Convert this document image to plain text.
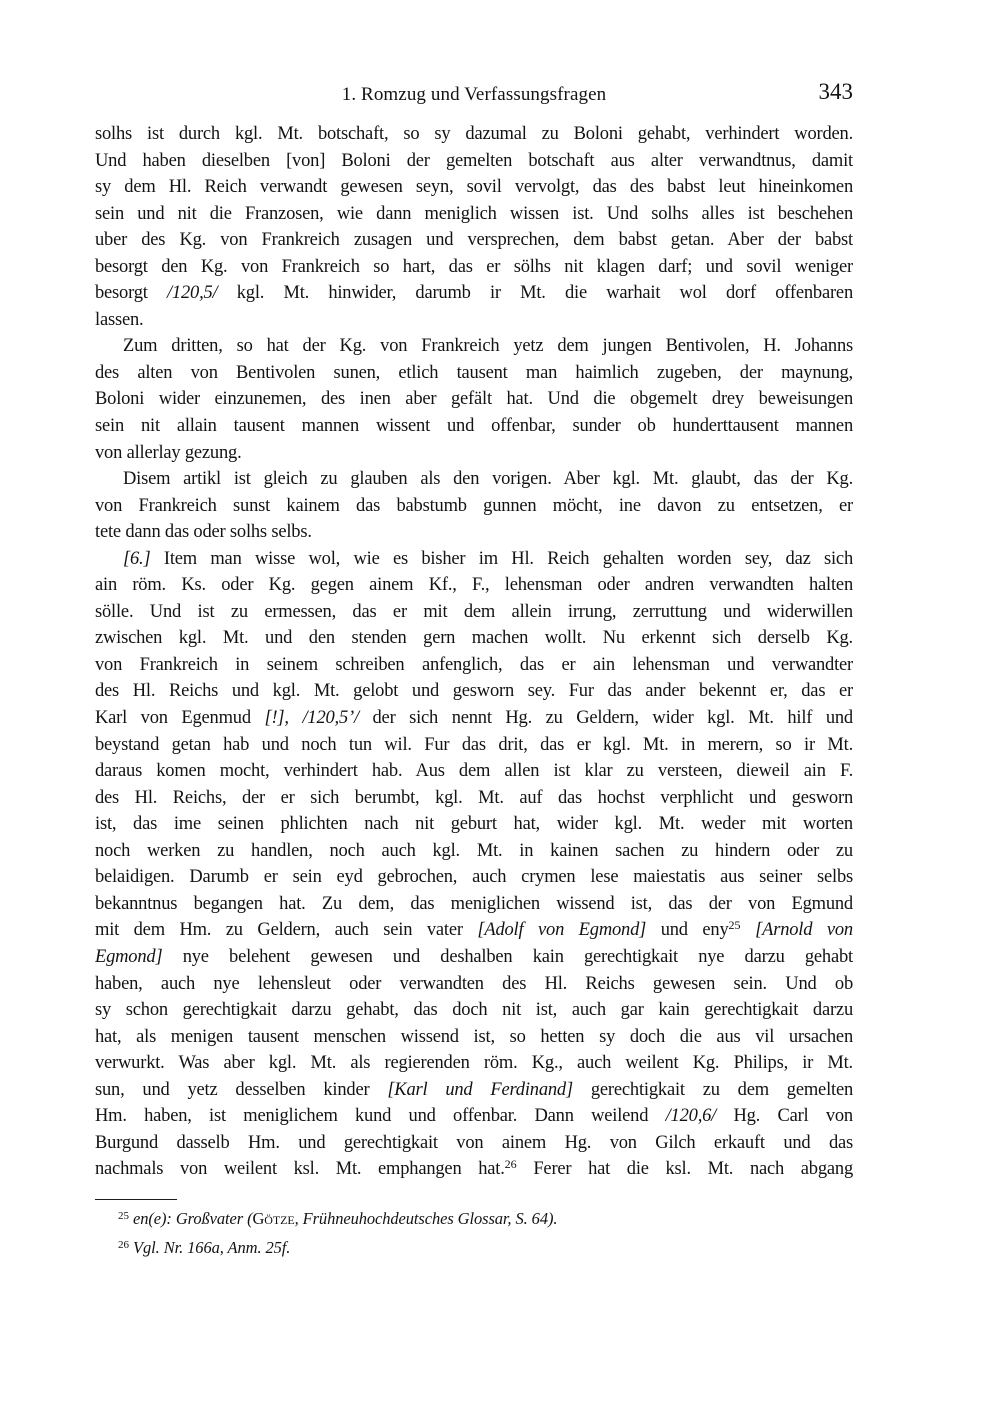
1. Romzug und Verfassungsfragen	343
solhs ist durch kgl. Mt. botschaft, so sy dazumal zu Boloni gehabt, verhindert worden.
Und haben dieselben [von] Boloni der gemelten botschaft aus alter verwandtnus, damit
sy dem Hl. Reich verwandt gewesen seyn, sovil vervolgt, das des babst leut hineinkomen
sein und nit die Franzosen, wie dann meniglich wissen ist. Und solhs alles ist beschehen
uber des Kg. von Frankreich zusagen und versprechen, dem babst getan. Aber der babst
besorgt den Kg. von Frankreich so hart, das er sölhs nit klagen darf; und sovil weniger
besorgt /120,5/ kgl. Mt. hinwider, darumb ir Mt. die warhait wol dorf offenbaren
lassen.
Zum dritten, so hat der Kg. von Frankreich yetz dem jungen Bentivolen, H. Johanns
des alten von Bentivolen sunen, etlich tausent man haimlich zugeben, der maynung,
Boloni wider einzunemen, des inen aber gefält hat. Und die obgemelt drey beweisungen
sein nit allain tausent mannen wissent und offenbar, sunder ob hunderttausent mannen
von allerlay gezung.
Disem artikl ist gleich zu glauben als den vorigen. Aber kgl. Mt. glaubt, das der Kg.
von Frankreich sunst kainem das babstumb gunnen möcht, ine davon zu entsetzen, er
tete dann das oder solhs selbs.
[6.] Item man wisse wol, wie es bisher im Hl. Reich gehalten worden sey, daz sich
ain röm. Ks. oder Kg. gegen ainem Kf., F., lehensman oder andren verwandten halten
sölle. Und ist zu ermessen, das er mit dem allein irrung, zerruttung und widerwillen
zwischen kgl. Mt. und den stenden gern machen wollt. Nu erkennt sich derselb Kg.
von Frankreich in seinem schreiben anfenglich, das er ain lehensman und verwandter
des Hl. Reichs und kgl. Mt. gelobt und gesworn sey. Fur das ander bekennt er, das er
Karl von Egenmud [!], /120,5’/ der sich nennt Hg. zu Geldern, wider kgl. Mt. hilf und
beystand getan hab und noch tun wil. Fur das drit, das er kgl. Mt. in merern, so ir Mt.
daraus komen mocht, verhindert hab. Aus dem allen ist klar zu versteen, dieweil ain F.
des Hl. Reichs, der er sich berumbt, kgl. Mt. auf das hochst verphlicht und gesworn
ist, das ime seinen phlichten nach nit geburt hat, wider kgl. Mt. weder mit worten
noch werken zu handlen, noch auch kgl. Mt. in kainen sachen zu hindern oder zu
belaidigen. Darumb er sein eyd gebrochen, auch crymen lese maiestatis aus seiner selbs
bekanntnus begangen hat. Zu dem, das meniglichen wissend ist, das der von Egmund
mit dem Hm. zu Geldern, auch sein vater [Adolf von Egmond] und eny$^{25}$ [Arnold von
Egmond] nye belehent gewesen und deshalben kain gerechtigkait nye darzu gehabt
haben, auch nye lehensleut oder verwandten des Hl. Reichs gewesen sein. Und ob
sy schon gerechtigkait darzu gehabt, das doch nit ist, auch gar kain gerechtigkait darzu
hat, als menigen tausent menschen wissend ist, so hetten sy doch die aus vil ursachen
verwurkt. Was aber kgl. Mt. als regierenden röm. Kg., auch weilent Kg. Philips, ir Mt.
sun, und yetz desselben kinder [Karl und Ferdinand] gerechtigkait zu dem gemelten
Hm. haben, ist meniglichem kund und offenbar. Dann weilend /120,6/ Hg. Carl von
Burgund dasselb Hm. und gerechtigkait von ainem Hg. von Gilch erkauft und das
nachmals von weilent ksl. Mt. emphangen hat.$^{26}$ Ferer hat die ksl. Mt. nach abgang
$^{25}$ en(e): Großvater (Götze, Frühneuhochdeutsches Glossar, S. 64).
$^{26}$ Vgl. Nr. 166a, Anm. 25f.
